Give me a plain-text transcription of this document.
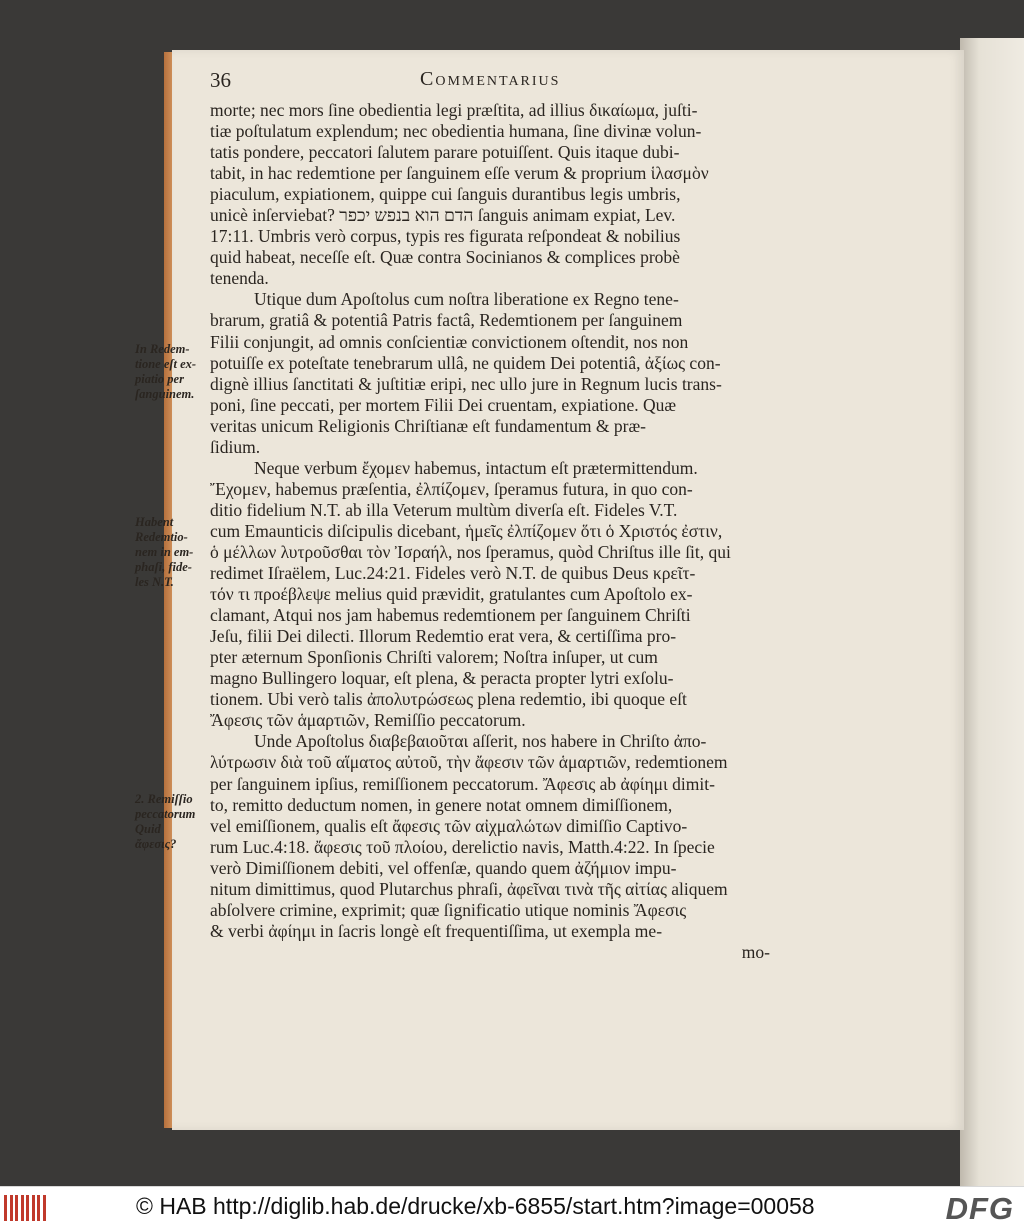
36	Commentarius
morte; nec mors ſine obedientia legi præſtita, ad illius δικαίωμα, juſti-
tiæ poſtulatum explendum; nec obedientia humana, ſine divinæ volun-
tatis pondere, peccatori ſalutem parare potuiſſent. Quis itaque dubi-
tabit, in hac redemtione per ſanguinem eſſe verum & proprium ἱλασμὸν
piaculum, expiationem, quippe cui ſanguis durantibus legis umbris,
unicè inſerviebat? הדם הוא בנפש יכפר ſanguis animam expiat, Lev.
17:11. Umbris verò corpus, typis res figurata reſpondeat & nobilius
quid habeat, neceſſe eſt. Quæ contra Socinianos & complices probè
tenenda.
Utique dum Apoſtolus cum noſtra liberatione ex Regno tene-
brarum, gratiâ & potentiâ Patris factâ, Redemtionem per ſanguinem
Filii conjungit, ad omnis conſcientiæ convictionem oſtendit, nos non
potuiſſe ex poteſtate tenebrarum ullâ, ne quidem Dei potentiâ, ἀξίως con-
dignè illius ſanctitati & juſtitiæ eripi, nec ullo jure in Regnum lucis trans-
poni, ſine peccati, per mortem Filii Dei cruentam, expiatione. Quæ
veritas unicum Religionis Chriſtianæ eſt fundamentum & præ-
ſidium.
Neque verbum ἔχομεν habemus, intactum eſt prætermittendum.
Ἔχομεν, habemus præſentia, ἐλπίζομεν, ſperamus futura, in quo con-
ditio fidelium N.T. ab illa Veterum multùm diverſa eſt. Fideles V.T.
cum Emaunticis diſcipulis dicebant, ἡμεῖς ἐλπίζομεν ὅτι ὁ Χριστός ἐστιν,
ὁ μέλλων λυτροῦσθαι τὸν Ἰσραήλ, nos ſperamus, quòd Chriſtus ille ſit, qui
redimet Iſraëlem, Luc.24:21. Fideles verò N.T. de quibus Deus κρεῖτ-
τόν τι προέβλεψε melius quid prævidit, gratulantes cum Apoſtolo ex-
clamant, Atqui nos jam habemus redemtionem per ſanguinem Chriſti
Jeſu, filii Dei dilecti. Illorum Redemtio erat vera, & certiſſima pro-
pter æternum Sponſionis Chriſti valorem; Noſtra inſuper, ut cum
magno Bullingero loquar, eſt plena, & peracta propter lytri exſolu-
tionem. Ubi verò talis ἀπολυτρώσεως plena redemtio, ibi quoque eſt
Ἄφεσις τῶν ἁμαρτιῶν, Remiſſio peccatorum.
Unde Apoſtolus διαβεβαιοῦται aſſerit, nos habere in Chriſto ἀπο-
λύτρωσιν διὰ τοῦ αἵματος αὐτοῦ, τὴν ἄφεσιν τῶν ἁμαρτιῶν, redemtionem
per ſanguinem ipſius, remiſſionem peccatorum. Ἄφεσις ab ἀφίημι dimit-
to, remitto deductum nomen, in genere notat omnem dimiſſionem,
vel emiſſionem, qualis eſt ἄφεσις τῶν αἰχμαλώτων dimiſſio Captivo-
rum Luc.4:18. ἄφεσις τοῦ πλοίου, derelictio navis, Matth.4:22. In ſpecie
verò Dimiſſionem debiti, vel offenſæ, quando quem ἀζήμιον impu-
nitum dimittimus, quod Plutarchus phraſi, ἀφεῖναι τινὰ τῆς αἰτίας aliquem
abſolvere crimine, exprimit; quæ ſignificatio utique nominis Ἄφεσις
& verbi ἀφίημι in ſacris longè eſt frequentiſſima, ut exempla me-
mo-
In Redem-
tione eſt ex-
piatio per
ſanguinem.
Habent
Redemtio-
nem in em-
phaſi, fide-
les N.T.
2. Remiſſio
peccatorum
Quid
ἄφεσις?
© HAB http://diglib.hab.de/drucke/xb-6855/start.htm?image=00058	DFG
